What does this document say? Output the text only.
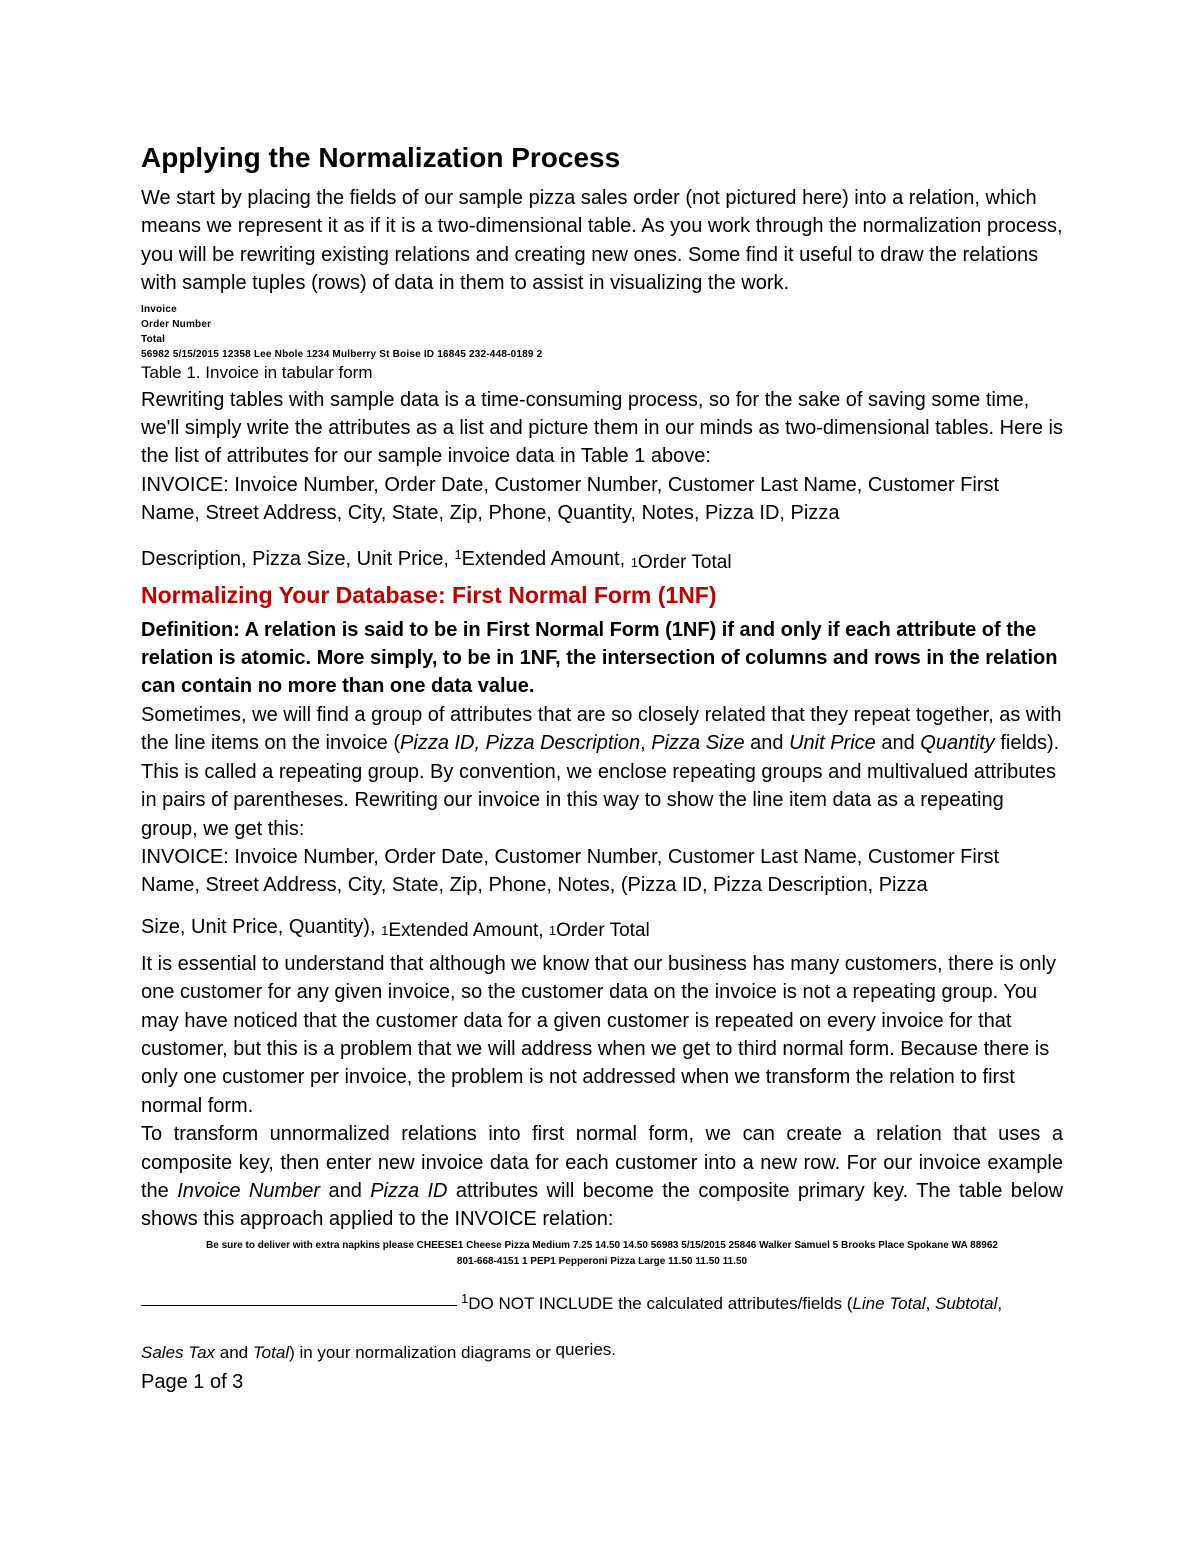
Applying the Normalization Process

We start by placing the fields of our sample pizza sales order (not pictured here) into a relation, which means we represent it as if it is a two-dimensional table. As you work through the normalization process, you will be rewriting existing relations and creating new ones. Some find it useful to draw the relations with sample tuples (rows) of data in them to assist in visualizing the work.

Invoice

Order Number

Total

56982 5/15/2015 12358 Lee Nbole 1234 Mulberry St Boise ID 16845 232-448-0189 2

Table 1. Invoice in tabular form

Rewriting tables with sample data is a time-consuming process, so for the sake of saving some time, we'll simply write the attributes as a list and picture them in our minds as two-dimensional tables. Here is the list of attributes for our sample invoice data in Table 1 above:

INVOICE: Invoice Number, Order Date, Customer Number, Customer Last Name, Customer First Name, Street Address, City, State, Zip, Phone, Quantity, Notes, Pizza ID, Pizza

Description, Pizza Size, Unit Price, $^1$Extended Amount, 1Order Total

Normalizing Your Database: First Normal Form (1NF)

Definition: A relation is said to be in First Normal Form (1NF) if and only if each attribute of the relation is atomic. More simply, to be in 1NF, the intersection of columns and rows in the relation can contain no more than one data value.

Sometimes, we will find a group of attributes that are so closely related that they repeat together, as with the line items on the invoice (Pizza ID, Pizza Description, Pizza Size and Unit Price and Quantity fields). This is called a repeating group. By convention, we enclose repeating groups and multivalued attributes in pairs of parentheses. Rewriting our invoice in this way to show the line item data as a repeating group, we get this:

INVOICE: Invoice Number, Order Date, Customer Number, Customer Last Name, Customer First Name, Street Address, City, State, Zip, Phone, Notes, (Pizza ID, Pizza Description, Pizza

Size, Unit Price, Quantity), 1Extended Amount, 1Order Total

It is essential to understand that although we know that our business has many customers, there is only one customer for any given invoice, so the customer data on the invoice is not a repeating group. You may have noticed that the customer data for a given customer is repeated on every invoice for that customer, but this is a problem that we will address when we get to third normal form. Because there is only one customer per invoice, the problem is not addressed when we transform the relation to first normal form.

To transform unnormalized relations into first normal form, we can create a relation that uses a composite key, then enter new invoice data for each customer into a new row. For our invoice example the Invoice Number and Pizza ID attributes will become the composite primary key. The table below shows this approach applied to the INVOICE relation:

Be sure to deliver with extra napkins please CHEESE1 Cheese Pizza Medium 7.25 14.50 14.50 56983 5/15/2015 25846 Walker Samuel 5 Brooks Place Spokane WA 88962

801-668-4151 1 PEP1 Pepperoni Pizza Large 11.50 11.50 11.50

$^1$DO NOT INCLUDE the calculated attributes/fields (Line Total, Subtotal,

Sales Tax and Total) in your normalization diagrams or queries.

Page 1 of 3
